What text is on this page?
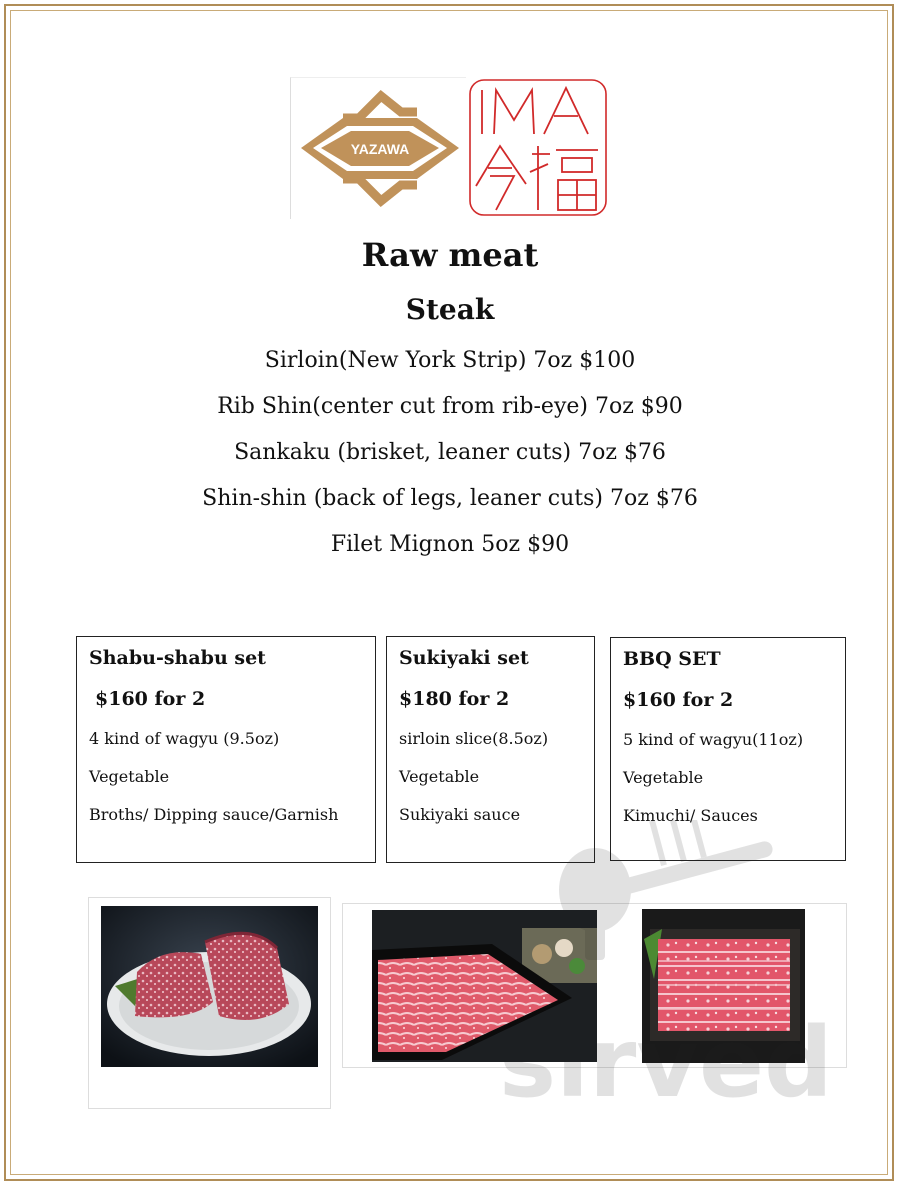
YAZAWA
Raw meat
Steak
Sirloin(New York Strip) 7oz $100
Rib Shin(center cut from rib-eye) 7oz $90
Sankaku (brisket, leaner cuts) 7oz $76
Shin-shin (back of legs, leaner cuts) 7oz $76
Filet Mignon 5oz $90
Shabu-shabu set
$160 for 2
4 kind of wagyu (9.5oz)
Vegetable
Broths/ Dipping sauce/Garnish
Sukiyaki set
$180 for 2
sirloin slice(8.5oz)
Vegetable
Sukiyaki sauce
BBQ SET
$160 for 2
5 kind of wagyu(11oz)
Vegetable
Kimuchi/ Sauces
